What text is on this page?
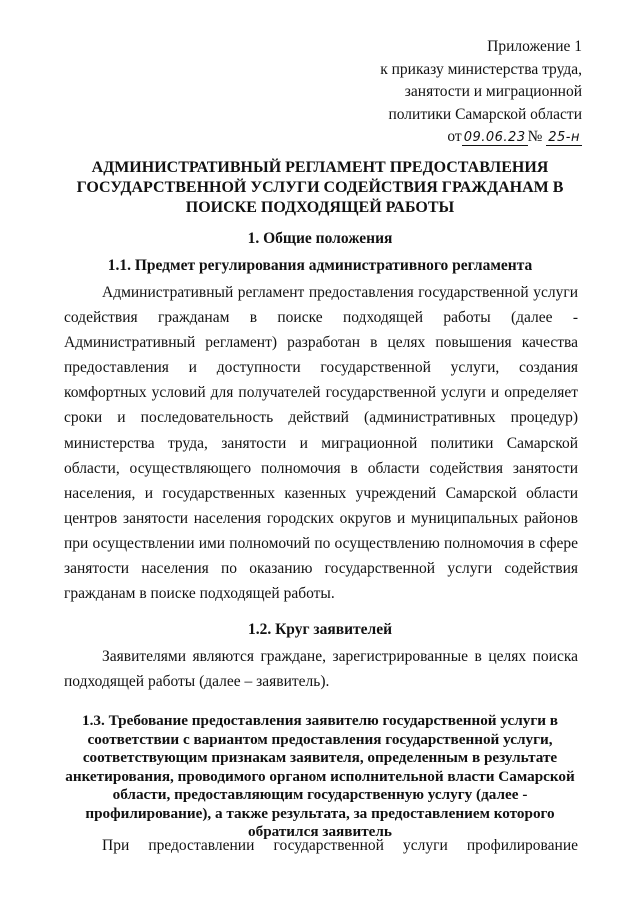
Приложение 1
к приказу министерства труда,
занятости и миграционной
политики Самарской области
от 09.06.23 № 25-н
АДМИНИСТРАТИВНЫЙ РЕГЛАМЕНТ ПРЕДОСТАВЛЕНИЯ
ГОСУДАРСТВЕННОЙ УСЛУГИ СОДЕЙСТВИЯ ГРАЖДАНАМ В
ПОИСКЕ ПОДХОДЯЩЕЙ РАБОТЫ
1. Общие положения
1.1. Предмет регулирования административного регламента
Административный регламент предоставления государственной услуги содействия гражданам в поиске подходящей работы (далее - Административный регламент) разработан в целях повышения качества предоставления и доступности государственной услуги, создания комфортных условий для получателей государственной услуги и определяет сроки и последовательность действий (административных процедур) министерства труда, занятости и миграционной политики Самарской области, осуществляющего полномочия в области содействия занятости населения, и государственных казенных учреждений Самарской области центров занятости населения городских округов и муниципальных районов при осуществлении ими полномочий по осуществлению полномочия в сфере занятости населения по оказанию государственной услуги содействия гражданам в поиске подходящей работы.
1.2. Круг заявителей
Заявителями являются граждане, зарегистрированные в целях поиска подходящей работы (далее – заявитель).
1.3. Требование предоставления заявителю государственной услуги в соответствии с вариантом предоставления государственной услуги, соответствующим признакам заявителя, определенным в результате анкетирования, проводимого органом исполнительной власти Самарской области, предоставляющим государственную услугу (далее - профилирование), а также результата, за предоставлением которого обратился заявитель
При предоставлении государственной услуги профилирование
